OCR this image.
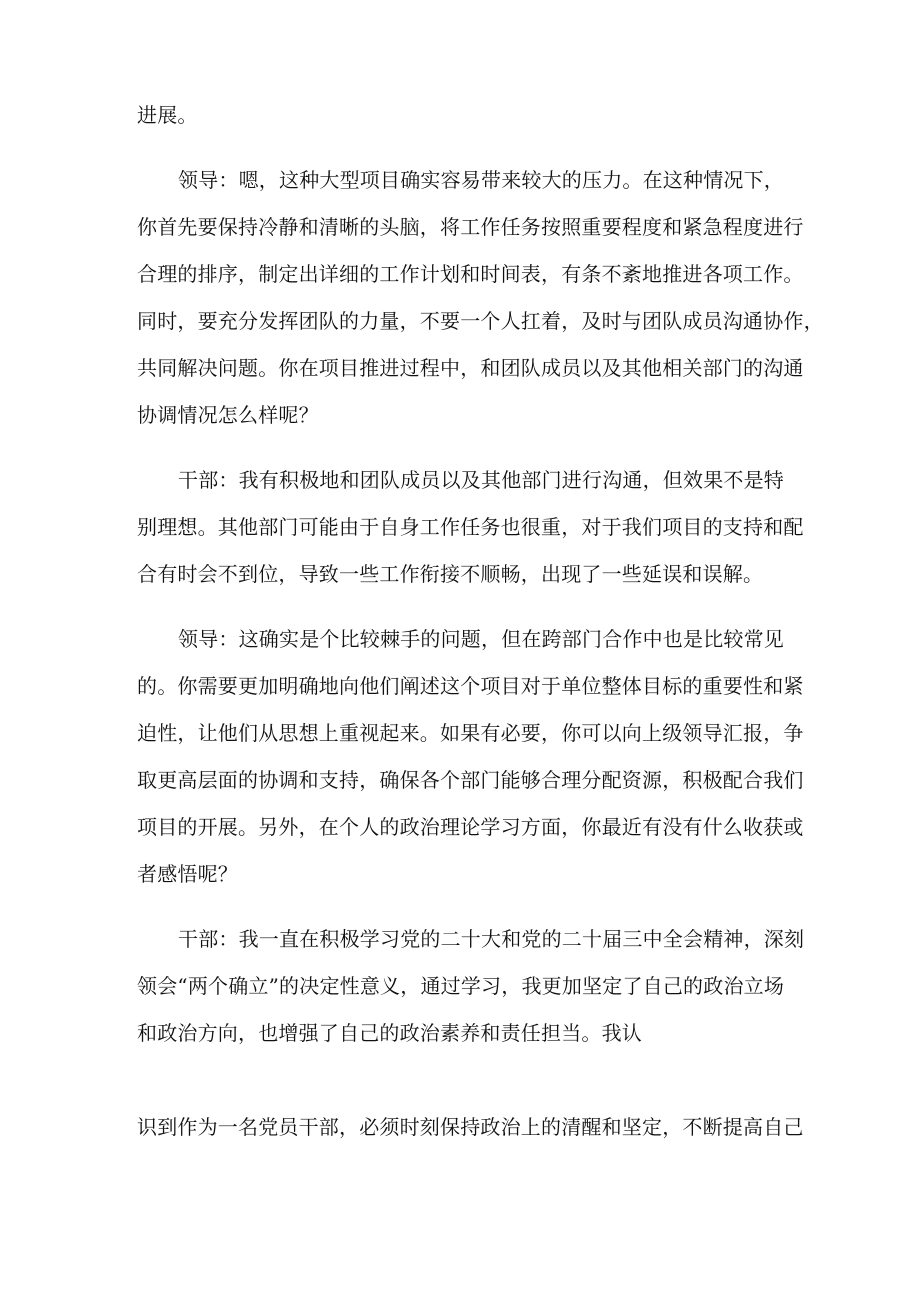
进展。
领导：嗯，这种大型项目确实容易带来较大的压力。在这种情况下，
你首先要保持冷静和清晰的头脑，将工作任务按照重要程度和紧急程度进行
合理的排序，制定出详细的工作计划和时间表，有条不紊地推进各项工作。
同时，要充分发挥团队的力量，不要一个人扛着，及时与团队成员沟通协作，
共同解决问题。你在项目推进过程中，和团队成员以及其他相关部门的沟通
协调情况怎么样呢？
干部：我有积极地和团队成员以及其他部门进行沟通，但效果不是特
别理想。其他部门可能由于自身工作任务也很重，对于我们项目的支持和配
合有时会不到位，导致一些工作衔接不顺畅，出现了一些延误和误解。
领导：这确实是个比较棘手的问题，但在跨部门合作中也是比较常见
的。你需要更加明确地向他们阐述这个项目对于单位整体目标的重要性和紧
迫性，让他们从思想上重视起来。如果有必要，你可以向上级领导汇报，争
取更高层面的协调和支持，确保各个部门能够合理分配资源，积极配合我们
项目的开展。另外，在个人的政治理论学习方面，你最近有没有什么收获或
者感悟呢？
干部：我一直在积极学习党的二十大和党的二十届三中全会精神，深刻
领会“两个确立”的决定性意义，通过学习，我更加坚定了自己的政治立场
和政治方向，也增强了自己的政治素养和责任担当。我认
识到作为一名党员干部，必须时刻保持政治上的清醒和坚定，不断提高自己
